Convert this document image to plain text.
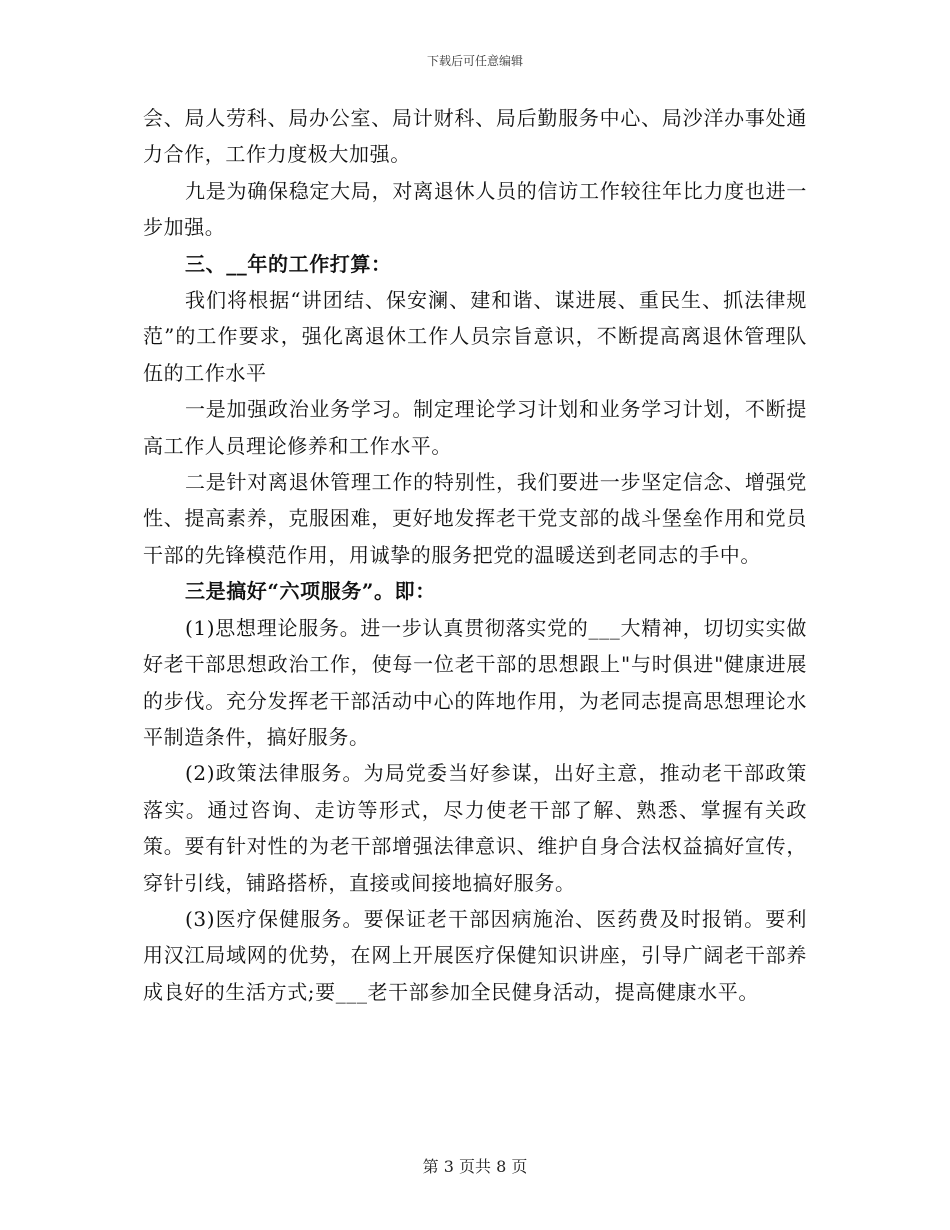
下载后可任意编辑

会、局人劳科、局办公室、局计财科、局后勤服务中心、局沙洋办事处通力合作，工作力度极大加强。

九是为确保稳定大局，对离退休人员的信访工作较往年比力度也进一步加强。

三、__年的工作打算：

我们将根据“讲团结、保安澜、建和谐、谋进展、重民生、抓法律规范”的工作要求，强化离退休工作人员宗旨意识，不断提高离退休管理队伍的工作水平

一是加强政治业务学习。制定理论学习计划和业务学习计划，不断提高工作人员理论修养和工作水平。

二是针对离退休管理工作的特别性，我们要进一步坚定信念、增强党性、提高素养，克服困难，更好地发挥老干党支部的战斗堡垒作用和党员干部的先锋模范作用，用诚挚的服务把党的温暖送到老同志的手中。

三是搞好“六项服务”。即：

(1)思想理论服务。进一步认真贯彻落实党的___大精神，切切实实做好老干部思想政治工作，使每一位老干部的思想跟上"与时俱进"健康进展的步伐。充分发挥老干部活动中心的阵地作用，为老同志提高思想理论水平制造条件，搞好服务。

(2)政策法律服务。为局党委当好参谋，出好主意，推动老干部政策落实。通过咨询、走访等形式，尽力使老干部了解、熟悉、掌握有关政策。要有针对性的为老干部增强法律意识、维护自身合法权益搞好宣传，穿针引线，铺路搭桥，直接或间接地搞好服务。

(3)医疗保健服务。要保证老干部因病施治、医药费及时报销。要利用汉江局域网的优势，在网上开展医疗保健知识讲座，引导广阔老干部养成良好的生活方式;要___老干部参加全民健身活动，提高健康水平。

第 3 页共 8 页
